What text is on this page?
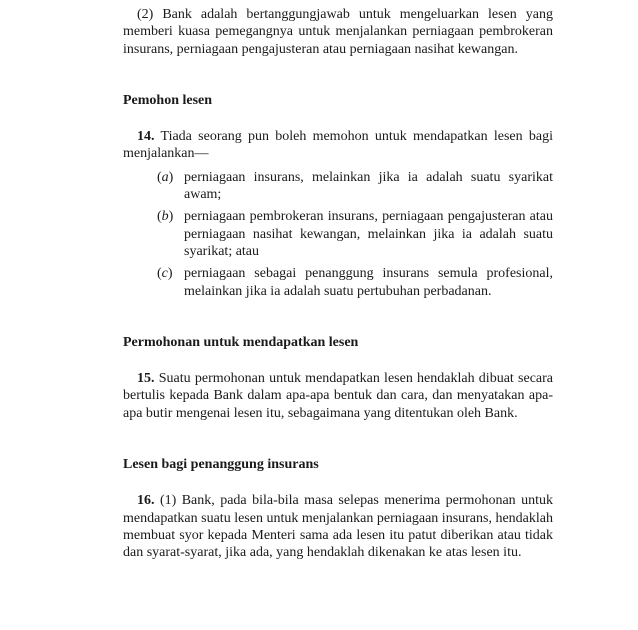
(2) Bank adalah bertanggungjawab untuk mengeluarkan lesen yang memberi kuasa pemegangnya untuk menjalankan perniagaan pembrokeran insurans, perniagaan pengajusteran atau perniagaan nasihat kewangan.

Pemohon lesen

14. Tiada seorang pun boleh memohon untuk mendapatkan lesen bagi menjalankan—

(a) perniagaan insurans, melainkan jika ia adalah suatu syarikat awam;

(b) perniagaan pembrokeran insurans, perniagaan pengajusteran atau perniagaan nasihat kewangan, melainkan jika ia adalah suatu syarikat; atau

(c) perniagaan sebagai penanggung insurans semula profesional, melainkan jika ia adalah suatu pertubuhan perbadanan.

Permohonan untuk mendapatkan lesen

15. Suatu permohonan untuk mendapatkan lesen hendaklah dibuat secara bertulis kepada Bank dalam apa-apa bentuk dan cara, dan menyatakan apa-apa butir mengenai lesen itu, sebagaimana yang ditentukan oleh Bank.

Lesen bagi penanggung insurans

16. (1) Bank, pada bila-bila masa selepas menerima permohonan untuk mendapatkan suatu lesen untuk menjalankan perniagaan insurans, hendaklah membuat syor kepada Menteri sama ada lesen itu patut diberikan atau tidak dan syarat-syarat, jika ada, yang hendaklah dikenakan ke atas lesen itu.
